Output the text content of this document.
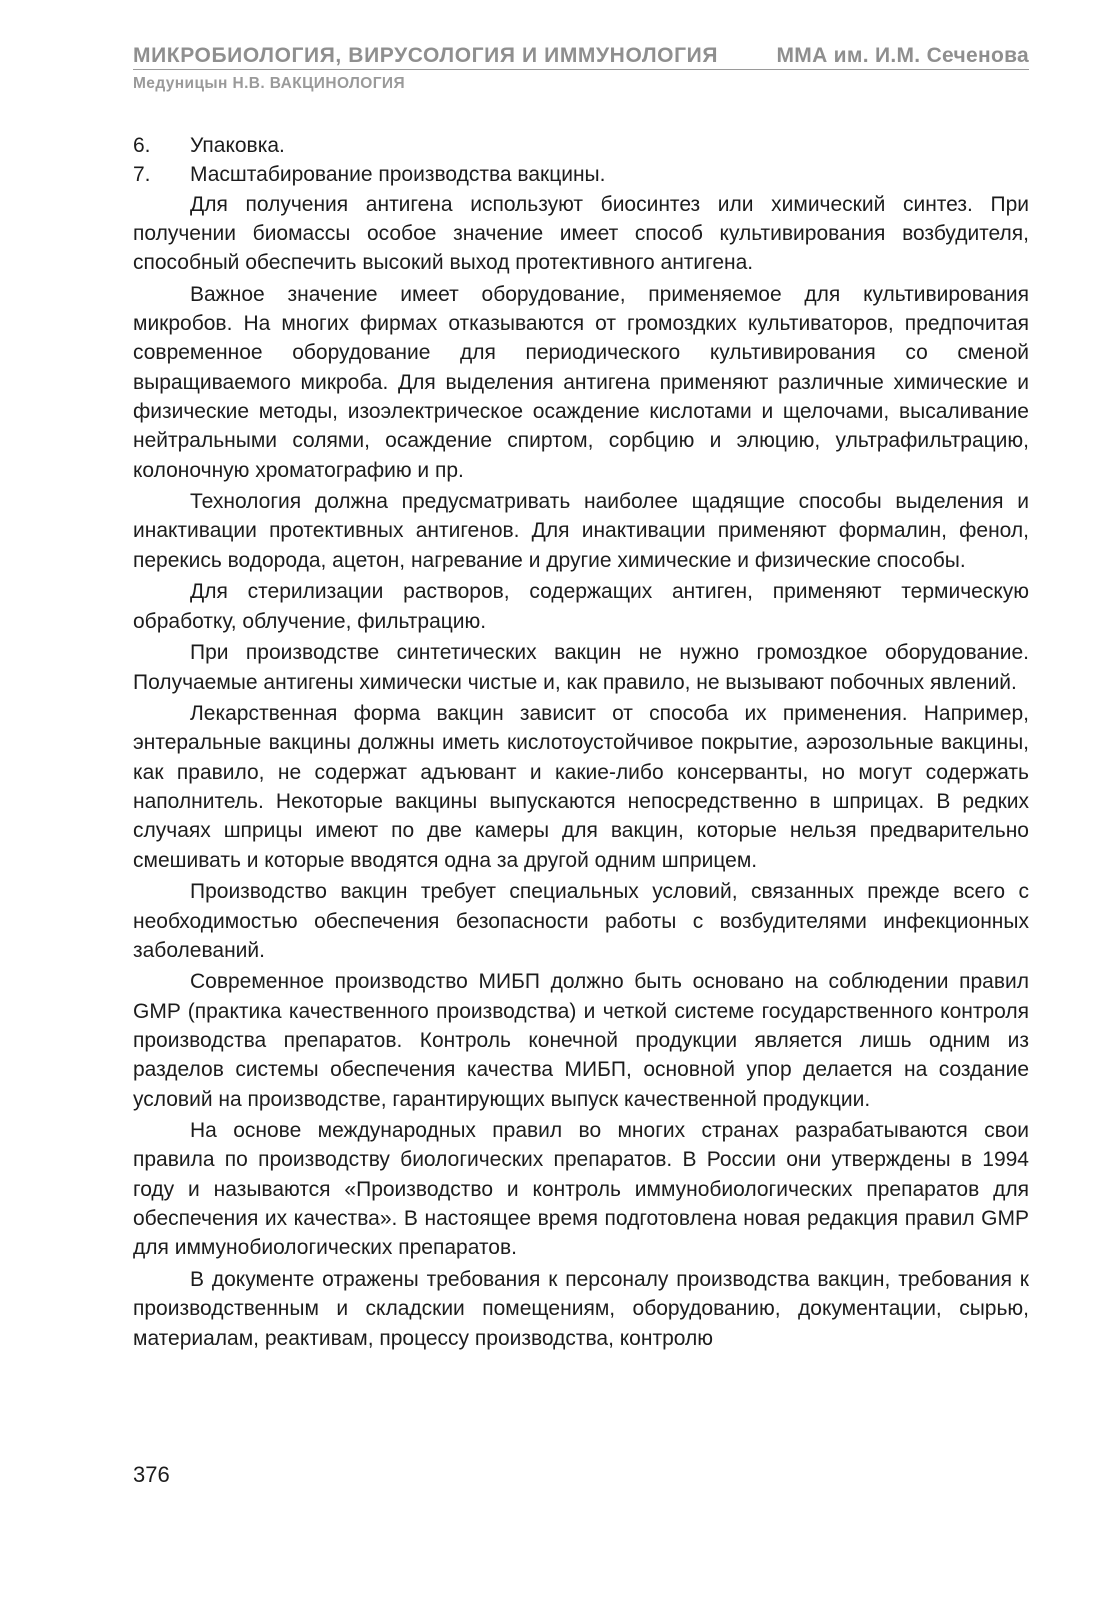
МИКРОБИОЛОГИЯ, ВИРУСОЛОГИЯ И ИММУНОЛОГИЯ	ММА им. И.М. Сеченова
Медуницын Н.В. ВАКЦИНОЛОГИЯ
6.	Упаковка.
7.	Масштабирование производства вакцины.

Для получения антигена используют биосинтез или химический синтез. При получении биомассы особое значение имеет способ культивирования возбудителя, способный обеспечить высокий выход протективного антигена.

Важное значение имеет оборудование, применяемое для культивирования микробов. На многих фирмах отказываются от громоздких культиваторов, предпочитая современное оборудование для периодического культивирования со сменой выращиваемого микроба. Для выделения антигена применяют различные химические и физические методы, изоэлектрическое осаждение кислотами и щелочами, высаливание нейтральными солями, осаждение спиртом, сорбцию и элюцию, ультрафильтрацию, колоночную хроматографию и пр.

Технология должна предусматривать наиболее щадящие способы выделения и инактивации протективных антигенов. Для инактивации применяют формалин, фенол, перекись водорода, ацетон, нагревание и другие химические и физические способы.

Для стерилизации растворов, содержащих антиген, применяют термическую обработку, облучение, фильтрацию.

При производстве синтетических вакцин не нужно громоздкое оборудование. Получаемые антигены химически чистые и, как правило, не вызывают побочных явлений.

Лекарственная форма вакцин зависит от способа их применения. Например, энтеральные вакцины должны иметь кислотоустойчивое покрытие, аэрозольные вакцины, как правило, не содержат адъювант и какие-либо консерванты, но могут содержать наполнитель. Некоторые вакцины выпускаются непосредственно в шприцах. В редких случаях шприцы имеют по две камеры для вакцин, которые нельзя предварительно смешивать и которые вводятся одна за другой одним шприцем.

Производство вакцин требует специальных условий, связанных прежде всего с необходимостью обеспечения безопасности работы с возбудителями инфекционных заболеваний.

Современное производство МИБП должно быть основано на соблюдении правил GMP (практика качественного производства) и четкой системе государственного контроля производства препаратов. Контроль конечной продукции является лишь одним из разделов системы обеспечения качества МИБП, основной упор делается на создание условий на производстве, гарантирующих выпуск качественной продукции.

На основе международных правил во многих странах разрабатываются свои правила по производству биологических препаратов. В России они утверждены в 1994 году и называются «Производство и контроль иммунобиологических препаратов для обеспечения их качества». В настоящее время подготовлена новая редакция правил GMP для иммунобиологических препаратов.

В документе отражены требования к персоналу производства вакцин, требования к производственным и складскии помещениям, оборудованию, документации, сырью, материалам, реактивам, процессу производства, контролю

376
